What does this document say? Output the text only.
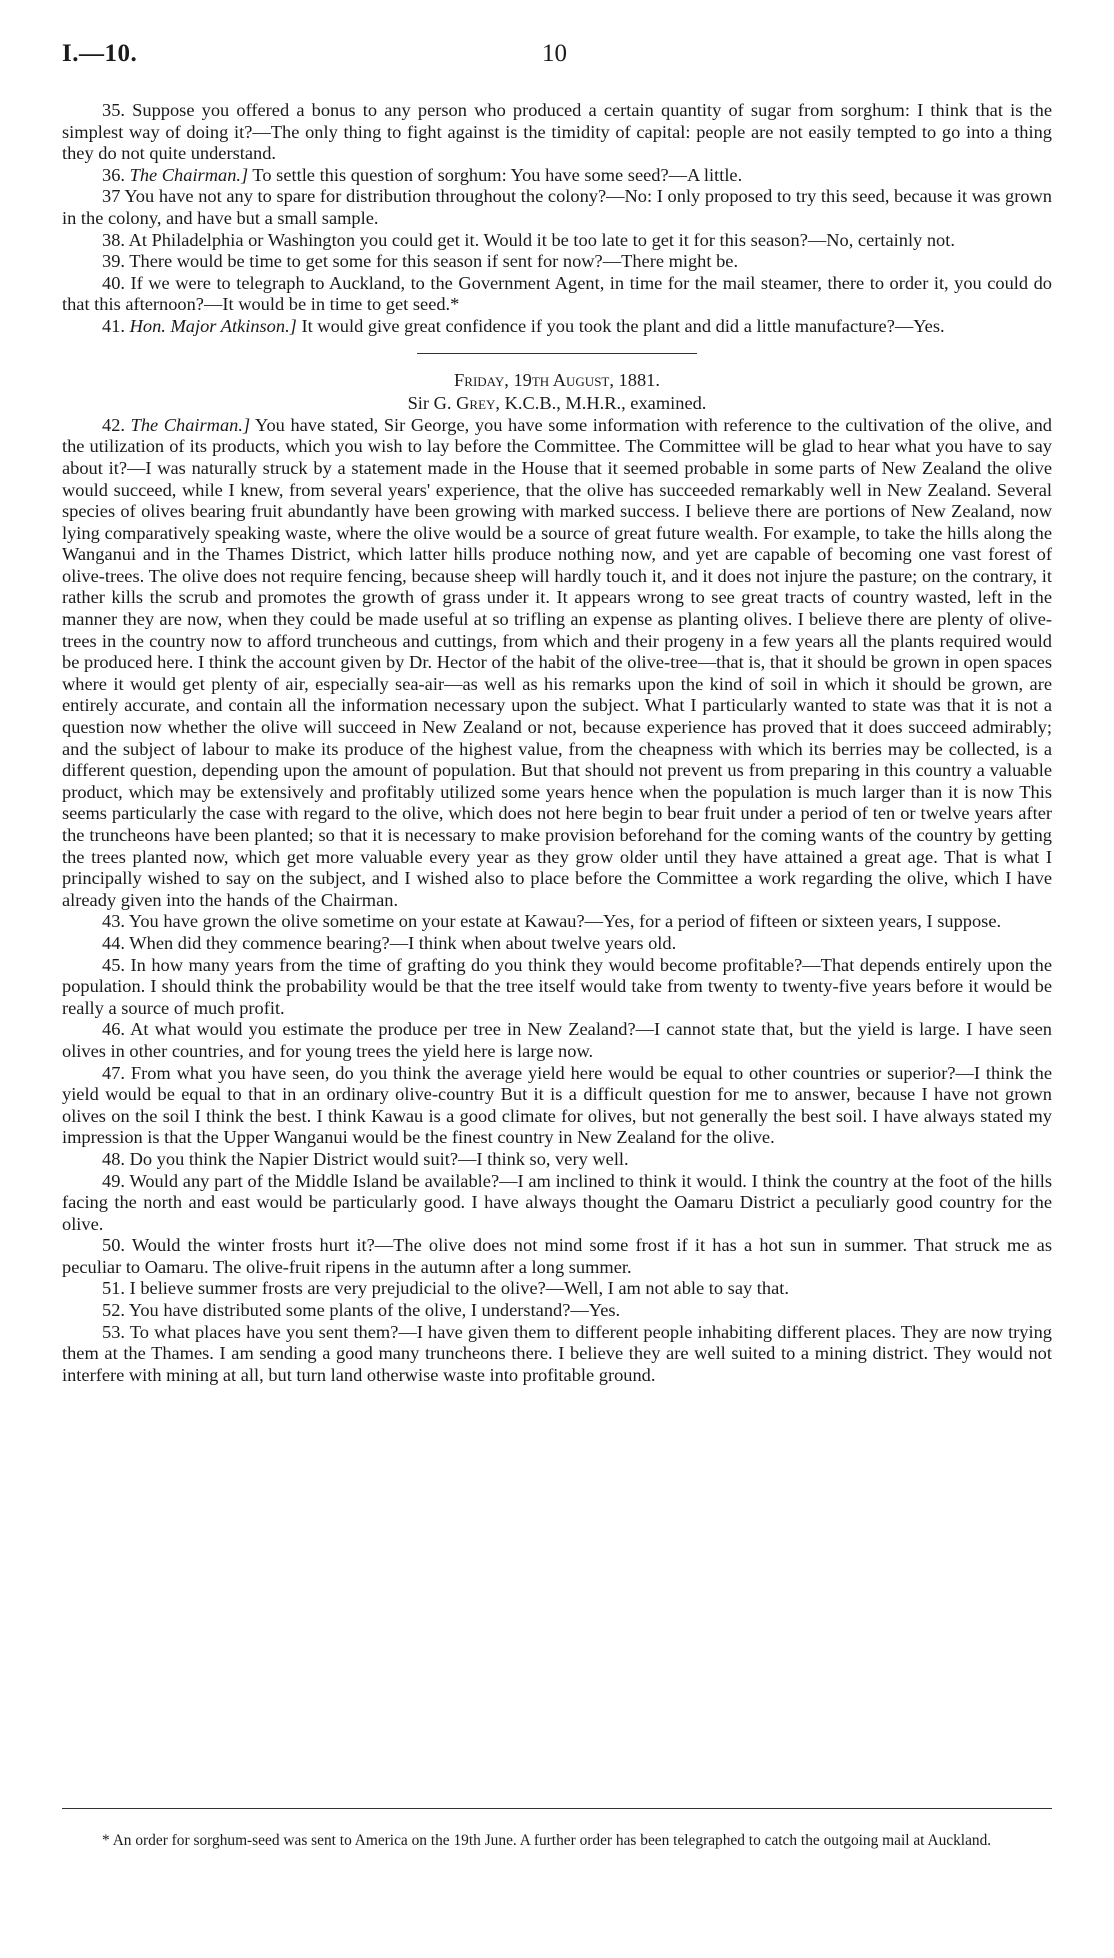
I.—10.	10

35. Suppose you offered a bonus to any person who produced a certain quantity of sugar from sorghum: I think that is the simplest way of doing it?—The only thing to fight against is the timidity of capital: people are not easily tempted to go into a thing they do not quite understand.

36. The Chairman.] To settle this question of sorghum: You have some seed?—A little.

37 You have not any to spare for distribution throughout the colony?—No: I only proposed to try this seed, because it was grown in the colony, and have but a small sample.

38. At Philadelphia or Washington you could get it. Would it be too late to get it for this season?—No, certainly not.

39. There would be time to get some for this season if sent for now?—There might be.

40. If we were to telegraph to Auckland, to the Government Agent, in time for the mail steamer, there to order it, you could do that this afternoon?—It would be in time to get seed.*

41. Hon. Major Atkinson.] It would give great confidence if you took the plant and did a little manufacture?—Yes.

Friday, 19th August, 1881.

Sir G. Grey, K.C.B., M.H.R., examined.

42. The Chairman.] You have stated, Sir George, you have some information with reference to the cultivation of the olive, and the utilization of its products, which you wish to lay before the Committee. The Committee will be glad to hear what you have to say about it?—I was naturally struck by a statement made in the House that it seemed probable in some parts of New Zealand the olive would succeed, while I knew, from several years' experience, that the olive has succeeded remarkably well in New Zealand. Several species of olives bearing fruit abundantly have been growing with marked success. I believe there are portions of New Zealand, now lying comparatively speaking waste, where the olive would be a source of great future wealth. For example, to take the hills along the Wanganui and in the Thames District, which latter hills produce nothing now, and yet are capable of becoming one vast forest of olive-trees. The olive does not require fencing, because sheep will hardly touch it, and it does not injure the pasture; on the contrary, it rather kills the scrub and promotes the growth of grass under it. It appears wrong to see great tracts of country wasted, left in the manner they are now, when they could be made useful at so trifling an expense as planting olives. I believe there are plenty of olive-trees in the country now to afford truncheous and cuttings, from which and their progeny in a few years all the plants required would be produced here. I think the account given by Dr. Hector of the habit of the olive-tree—that is, that it should be grown in open spaces where it would get plenty of air, especially sea-air—as well as his remarks upon the kind of soil in which it should be grown, are entirely accurate, and contain all the information necessary upon the subject. What I particularly wanted to state was that it is not a question now whether the olive will succeed in New Zealand or not, because experience has proved that it does succeed admirably; and the subject of labour to make its produce of the highest value, from the cheapness with which its berries may be collected, is a different question, depending upon the amount of population. But that should not prevent us from preparing in this country a valuable product, which may be extensively and profitably utilized some years hence when the population is much larger than it is now This seems particularly the case with regard to the olive, which does not here begin to bear fruit under a period of ten or twelve years after the truncheons have been planted; so that it is necessary to make provision beforehand for the coming wants of the country by getting the trees planted now, which get more valuable every year as they grow older until they have attained a great age. That is what I principally wished to say on the subject, and I wished also to place before the Committee a work regarding the olive, which I have already given into the hands of the Chairman.

43. You have grown the olive sometime on your estate at Kawau?—Yes, for a period of fifteen or sixteen years, I suppose.

44. When did they commence bearing?—I think when about twelve years old.

45. In how many years from the time of grafting do you think they would become profitable?—That depends entirely upon the population. I should think the probability would be that the tree itself would take from twenty to twenty-five years before it would be really a source of much profit.

46. At what would you estimate the produce per tree in New Zealand?—I cannot state that, but the yield is large. I have seen olives in other countries, and for young trees the yield here is large now.

47. From what you have seen, do you think the average yield here would be equal to other countries or superior?—I think the yield would be equal to that in an ordinary olive-country But it is a difficult question for me to answer, because I have not grown olives on the soil I think the best. I think Kawau is a good climate for olives, but not generally the best soil. I have always stated my impression is that the Upper Wanganui would be the finest country in New Zealand for the olive.

48. Do you think the Napier District would suit?—I think so, very well.

49. Would any part of the Middle Island be available?—I am inclined to think it would. I think the country at the foot of the hills facing the north and east would be particularly good. I have always thought the Oamaru District a peculiarly good country for the olive.

50. Would the winter frosts hurt it?—The olive does not mind some frost if it has a hot sun in summer. That struck me as peculiar to Oamaru. The olive-fruit ripens in the autumn after a long summer.

51. I believe summer frosts are very prejudicial to the olive?—Well, I am not able to say that.

52. You have distributed some plants of the olive, I understand?—Yes.

53. To what places have you sent them?—I have given them to different people inhabiting different places. They are now trying them at the Thames. I am sending a good many truncheons there. I believe they are well suited to a mining district. They would not interfere with mining at all, but turn land otherwise waste into profitable ground.

* An order for sorghum-seed was sent to America on the 19th June. A further order has been telegraphed to catch the outgoing mail at Auckland.
